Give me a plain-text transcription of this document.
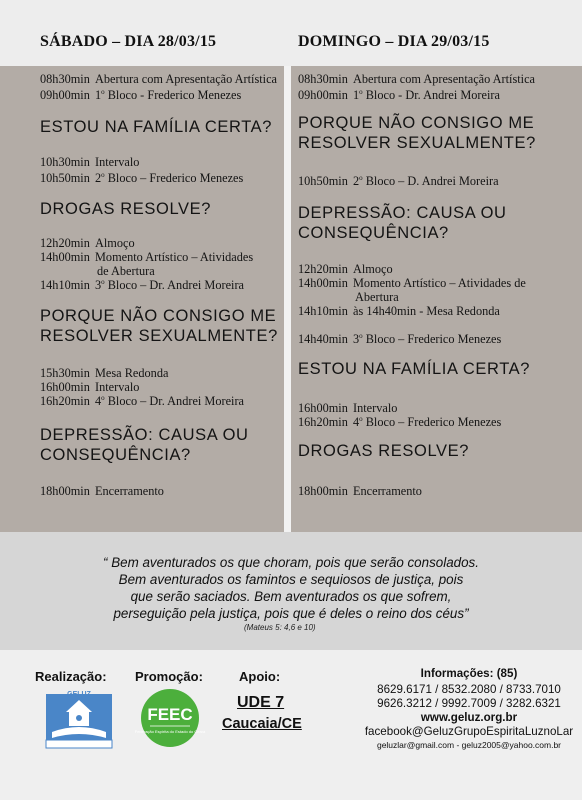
SÁBADO – DIA 28/03/15	DOMINGO – DIA 29/03/15
08h30min Abertura com Apresentação Artística
09h00min 1$^o$ Bloco - Frederico Menezes
ESTOU NA FAMÍLIA CERTA?
10h30min Intervalo
10h50min 2$^o$ Bloco – Frederico Menezes
DROGAS RESOLVE?
12h20min Almoço
14h00min Momento Artístico – Atividades
de Abertura
14h10min 3$^o$ Bloco – Dr. Andrei Moreira
PORQUE NÃO CONSIGO ME
RESOLVER SEXUALMENTE?
15h30min Mesa Redonda
16h00min Intervalo
16h20min 4$^o$ Bloco – Dr. Andrei Moreira
DEPRESSÃO: CAUSA OU
CONSEQUÊNCIA?
18h00min Encerramento
08h30min Abertura com Apresentação Artística
09h00min 1$^o$ Bloco - Dr. Andrei Moreira
PORQUE NÃO CONSIGO ME
RESOLVER SEXUALMENTE?
10h50min 2$^o$ Bloco – D. Andrei Moreira
DEPRESSÃO: CAUSA OU
CONSEQUÊNCIA?
12h20min Almoço
14h00min Momento Artístico – Atividades de
Abertura
14h10min às 14h40min - Mesa Redonda
14h40min 3$^o$ Bloco – Frederico Menezes
ESTOU NA FAMÍLIA CERTA?
16h00min Intervalo
16h20min 4$^o$ Bloco – Frederico Menezes
DROGAS RESOLVE?
18h00min Encerramento
“ Bem aventurados os que choram, pois que serão consolados.
Bem aventurados os famintos e sequiosos de justiça, pois
que serão saciados. Bem aventurados os que sofrem,
perseguição pela justiça, pois que é deles o reino dos céus”
(Mateus 5: 4,6 e 10)
Realização: Promoção:	Apoio:
GELUZ
FEEC
Federação Espírita do Estado do Ceará
UDE 7
Caucaia/CE
Informações: (85)
8629.6171 / 8532.2080 / 8733.7010
9626.3212 / 9992.7009 / 3282.6321
www.geluz.org.br
facebook@GeluzGrupoEspiritaLuznoLar
geluzlar@gmail.com - geluz2005@yahoo.com.br
